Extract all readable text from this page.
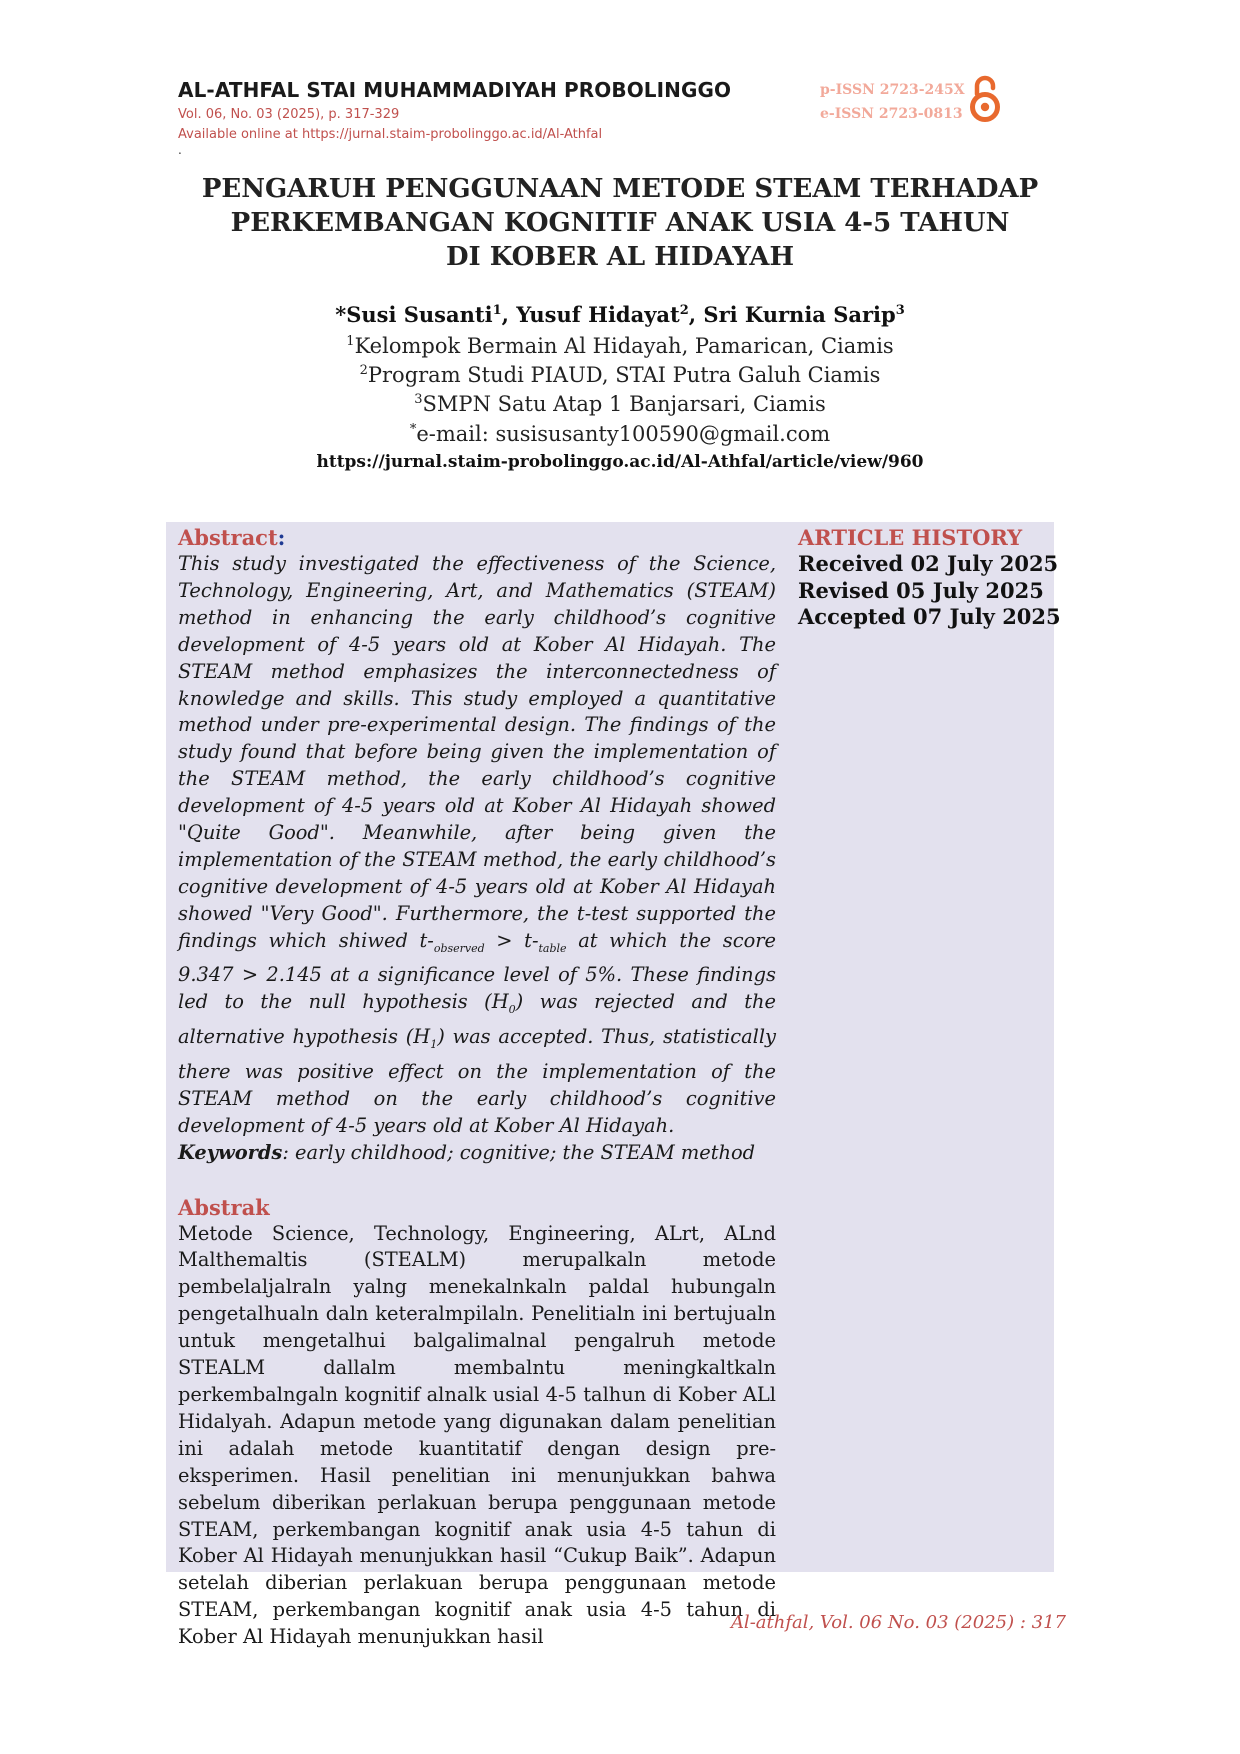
AL-ATHFAL STAI MUHAMMADIYAH PROBOLINGGO
Vol. 06, No. 03 (2025), p. 317-329
Available online at https://jurnal.staim-probolinggo.ac.id/Al-Athfal
.
p-ISSN 2723-245X
e-ISSN 2723-0813
PENGARUH PENGGUNAAN METODE STEAM TERHADAP
PERKEMBANGAN KOGNITIF ANAK USIA 4-5 TAHUN
DI KOBER AL HIDAYAH
*Susi Susanti$^1$, Yusuf Hidayat$^2$, Sri Kurnia Sarip$^3$
$^1$Kelompok Bermain Al Hidayah, Pamarican, Ciamis
$^2$Program Studi PIAUD, STAI Putra Galuh Ciamis
$^3$SMPN Satu Atap 1 Banjarsari, Ciamis
*e-mail: susisusanty100590@gmail.com
https://jurnal.staim-probolinggo.ac.id/Al-Athfal/article/view/960
Abstract:

This study investigated the effectiveness of the Science, Technology, Engineering, Art, and Mathematics (STEAM) method in enhancing the early childhood’s cognitive development of 4-5 years old at Kober Al Hidayah. The STEAM method emphasizes the interconnectedness of knowledge and skills. This study employed a quantitative method under pre-experimental design. The findings of the study found that before being given the implementation of the STEAM method, the early childhood’s cognitive development of 4-5 years old at Kober Al Hidayah showed "Quite Good". Meanwhile, after being given the implementation of the STEAM method, the early childhood’s cognitive development of 4-5 years old at Kober Al Hidayah showed "Very Good". Furthermore, the t-test supported the findings which shiwed $t-_{observed} > t-_{table}$ at which the score 9.347 > 2.145 at a significance level of 5%. These findings led to the null hypothesis $(H_0)$ was rejected and the alternative hypothesis $(H_1)$ was accepted. Thus, statistically there was positive effect on the implementation of the STEAM method on the early childhood’s cognitive development of 4-5 years old at Kober Al Hidayah.

Keywords: early childhood; cognitive; the STEAM method

Abstrak

Metode Science, Technology, Engineering, ALrt, ALnd Malthemaltis (STEALM) merupalkaln metode pembelaljalraln yalng menekalnkaln paldal hubungaln pengetalhualn daln keteralmpilaln. Penelitialn ini bertujualn untuk mengetalhui balgalimalnal pengalruh metode STEALM dallalm membalntu meningkaltkaln perkembalngaln kognitif alnalk usial 4-5 talhun di Kober ALl Hidalyah. Adapun metode yang digunakan dalam penelitian ini adalah metode kuantitatif dengan design pre- eksperimen. Hasil penelitian ini menunjukkan bahwa sebelum diberikan perlakuan berupa penggunaan metode STEAM, perkembangan kognitif anak usia 4-5 tahun di Kober Al Hidayah menunjukkan hasil “Cukup Baik”. Adapun setelah diberian perlakuan berupa penggunaan metode STEAM, perkembangan kognitif anak usia 4-5 tahun di Kober Al Hidayah menunjukkan hasil

ARTICLE HISTORY
Received 02 July 2025
Revised 05 July 2025
Accepted 07 July 2025
Al-athfal, Vol. 06 No. 03 (2025) : 317
